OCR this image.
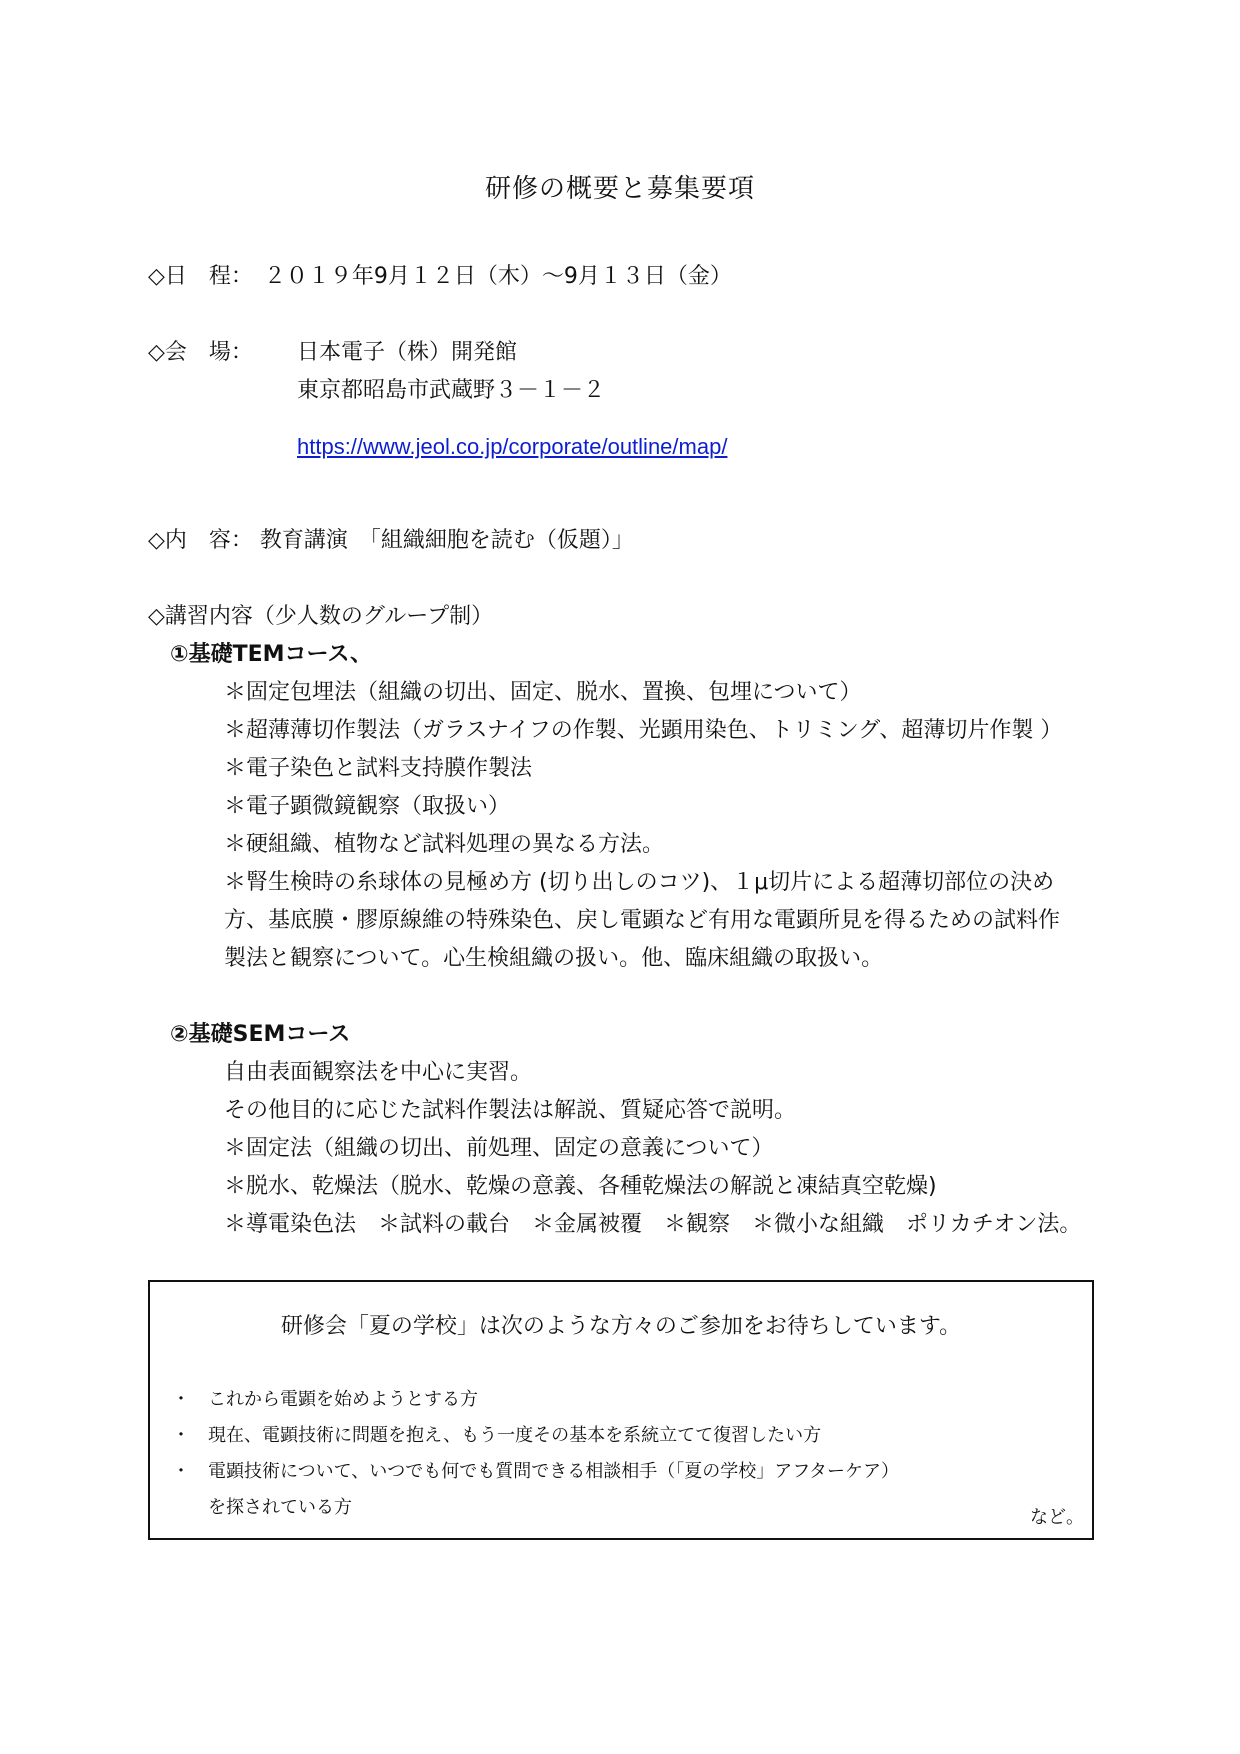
研修の概要と募集要項
◇日　程：　２０１９年9月１２日（木）～9月１３日（金）
◇会　場： 日本電子（株）開発館
東京都昭島市武蔵野３－１－２
https://www.jeol.co.jp/corporate/outline/map/
◇内　容： 教育講演　「組織細胞を読む（仮題）」
◇講習内容（少人数のグループ制）
①基礎TEMコース、
＊固定包埋法（組織の切出、固定、脱水、置換、包埋について）
＊超薄薄切作製法（ガラスナイフの作製、光顕用染色、トリミング、超薄切片作製 ）
＊電子染色と試料支持膜作製法
＊電子顕微鏡観察（取扱い）
＊硬組織、植物など試料処理の異なる方法。
＊腎生検時の糸球体の見極め方 (切り出しのコツ)、１μ切片による超薄切部位の決め
方、基底膜・膠原線維の特殊染色、戻し電顕など有用な電顕所見を得るための試料作
製法と観察について。心生検組織の扱い。他、臨床組織の取扱い。
②基礎SEMコース
自由表面観察法を中心に実習。
その他目的に応じた試料作製法は解説、質疑応答で説明。
＊固定法（組織の切出、前処理、固定の意義について）
＊脱水、乾燥法（脱水、乾燥の意義、各種乾燥法の解説と凍結真空乾燥)
＊導電染色法　＊試料の載台　＊金属被覆　＊観察　＊微小な組織　ポリカチオン法。
研修会「夏の学校」は次のような方々のご参加をお待ちしています。
・　これから電顕を始めようとする方
・　現在、電顕技術に問題を抱え、もう一度その基本を系統立てて復習したい方
・　電顕技術について、いつでも何でも質問できる相談相手（「夏の学校」アフターケア）
　　を探されている方	など。
